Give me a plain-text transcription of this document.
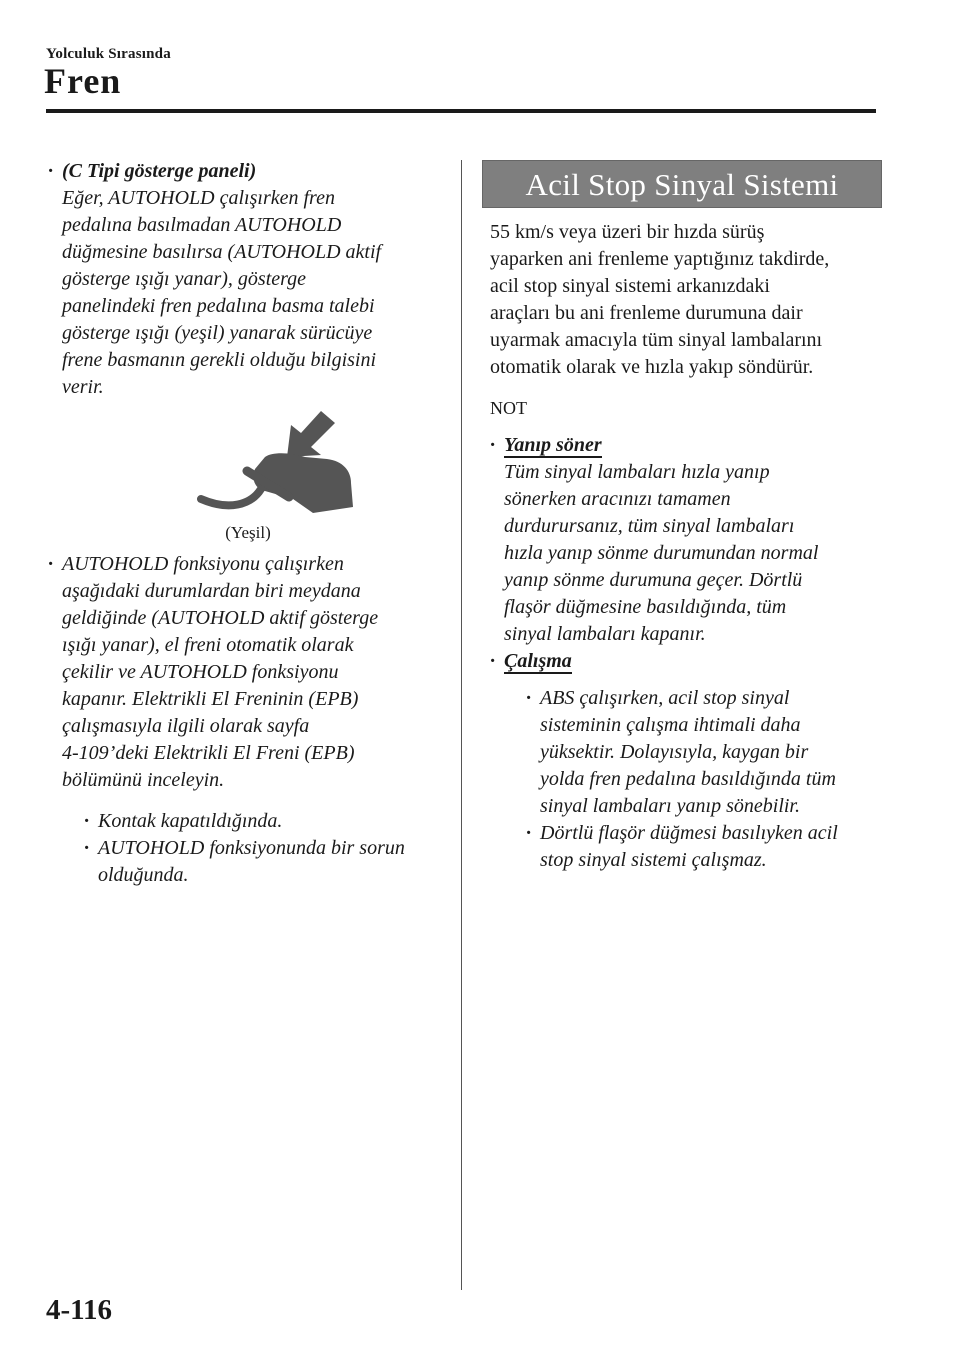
Yolculuk Sırasında
Fren
· (C Tipi gösterge paneli)
Eğer, AUTOHOLD çalışırken fren
pedalına basılmadan AUTOHOLD
düğmesine basılırsa (AUTOHOLD aktif
gösterge ışığı yanar), gösterge
panelindeki fren pedalına basma talebi
gösterge ışığı (yeşil) yanarak sürücüye
frene basmanın gerekli olduğu bilgisini
verir.
(Yeşil)
· AUTOHOLD fonksiyonu çalışırken
aşağıdaki durumlardan biri meydana
geldiğinde (AUTOHOLD aktif gösterge
ışığı yanar), el freni otomatik olarak
çekilir ve AUTOHOLD fonksiyonu
kapanır. Elektrikli El Freninin (EPB)
çalışmasıyla ilgili olarak sayfa
4-109’deki Elektrikli El Freni (EPB)
bölümünü inceleyin.
· Kontak kapatıldığında.
· AUTOHOLD fonksiyonunda bir sorun
olduğunda.
Acil Stop Sinyal Sistemi
55 km/s veya üzeri bir hızda sürüş
yaparken ani frenleme yaptığınız takdirde,
acil stop sinyal sistemi arkanızdaki
araçları bu ani frenleme durumuna dair
uyarmak amacıyla tüm sinyal lambalarını
otomatik olarak ve hızla yakıp söndürür.
NOT
· Yanıp söner
Tüm sinyal lambaları hızla yanıp
sönerken aracınızı tamamen
durdurursanız, tüm sinyal lambaları
hızla yanıp sönme durumundan normal
yanıp sönme durumuna geçer. Dörtlü
flaşör düğmesine basıldığında, tüm
sinyal lambaları kapanır.
· Çalışma
· ABS çalışırken, acil stop sinyal
sisteminin çalışma ihtimali daha
yüksektir. Dolayısıyla, kaygan bir
yolda fren pedalına basıldığında tüm
sinyal lambaları yanıp sönebilir.
· Dörtlü flaşör düğmesi basılıyken acil
stop sinyal sistemi çalışmaz.
4-116
